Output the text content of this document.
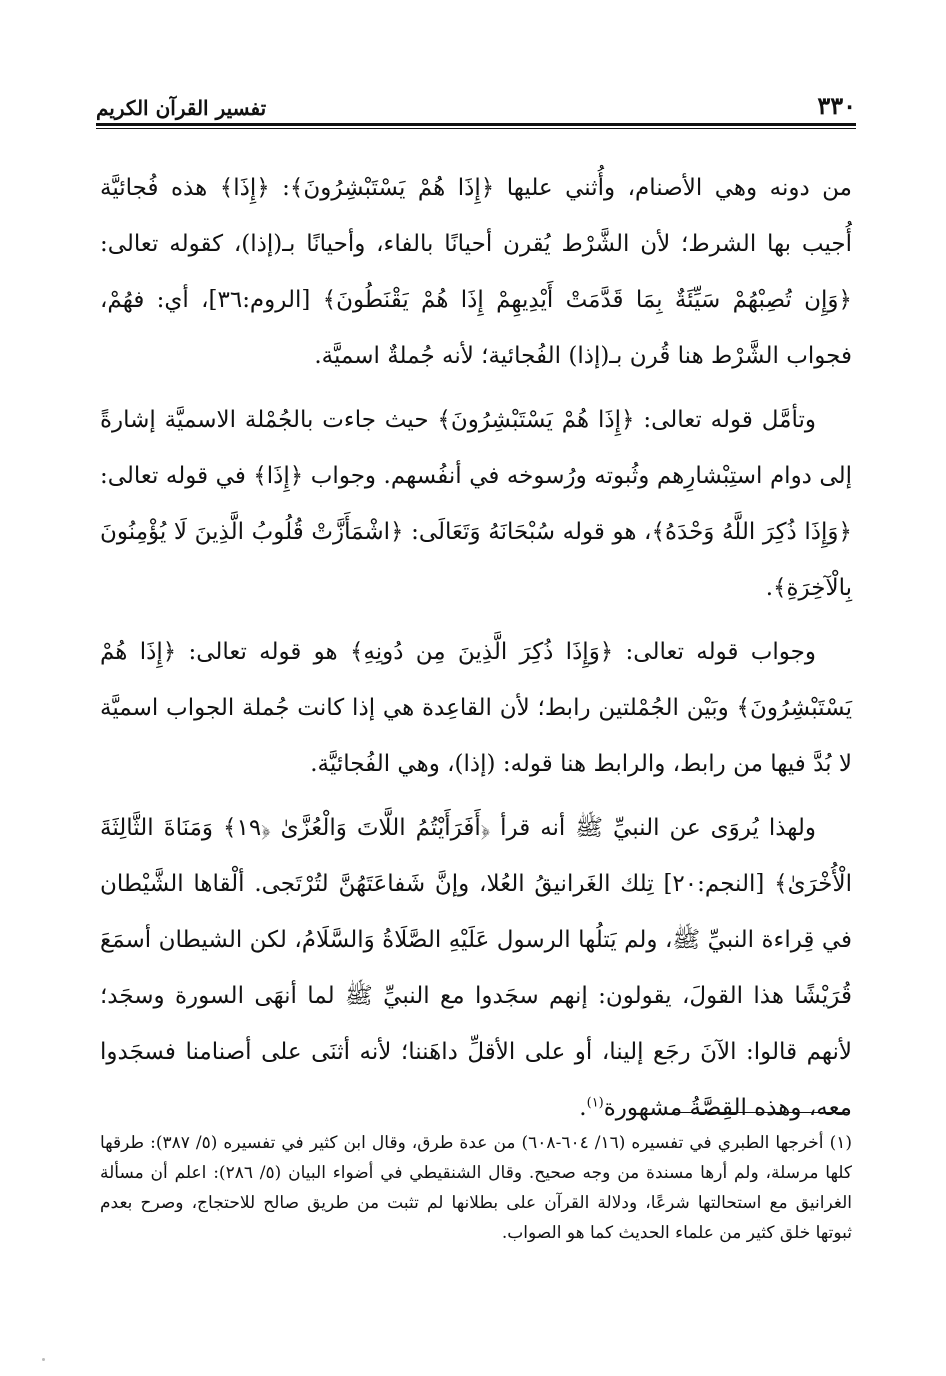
٣٣٠
تفسير القرآن الكريم

من دونه وهي الأصنام، وأُثني عليها ﴿إِذَا هُمْ يَسْتَبْشِرُونَ﴾: ﴿إِذَا﴾ هذه فُجائيَّة أُجيب بها الشرط؛ لأن الشَّرْط يُقرن أحيانًا بالفاء، وأحيانًا بـ(إذا)، كقوله تعالى: ﴿وَإِن تُصِبْهُمْ سَيِّئَةٌ بِمَا قَدَّمَتْ أَيْدِيهِمْ إِذَا هُمْ يَقْنَطُونَ﴾ [الروم:٣٦]، أي: فهُمْ، فجواب الشَّرْط هنا قُرن بـ(إذا) الفُجائية؛ لأنه جُملةٌ اسميَّة.

وتأمَّل قوله تعالى: ﴿إِذَا هُمْ يَسْتَبْشِرُونَ﴾ حيث جاءت بالجُمْلة الاسميَّة إشارةً إلى دوام استِبْشارِهم وثُبوته ورُسوخه في أنفُسهم. وجواب ﴿إِذَا﴾ في قوله تعالى: ﴿وَإِذَا ذُكِرَ اللَّهُ وَحْدَهُ﴾، هو قوله سُبْحَانَهُ وَتَعَالَى: ﴿اشْمَأَزَّتْ قُلُوبُ الَّذِينَ لَا يُؤْمِنُونَ بِالْآخِرَةِ﴾.

وجواب قوله تعالى: ﴿وَإِذَا ذُكِرَ الَّذِينَ مِن دُونِهِ﴾ هو قوله تعالى: ﴿إِذَا هُمْ يَسْتَبْشِرُونَ﴾ وبَيْن الجُمْلتين رابط؛ لأن القاعِدة هي إذا كانت جُملة الجواب اسميَّة لا بُدَّ فيها من رابط، والرابط هنا قوله: (إذا)، وهي الفُجائيَّة.

ولهذا يُروَى عن النبيِّ ﷺ أنه قرأ ﴿أَفَرَأَيْتُمُ اللَّاتَ وَالْعُزَّىٰ ﴿١٩﴾ وَمَنَاةَ الثَّالِثَةَ الْأُخْرَىٰ﴾ [النجم:٢٠] تِلك الغَرانيقُ العُلا، وإنَّ شَفاعَتَهُنَّ لتُرْتَجى. ألْقاها الشَّيْطان في قِراءة النبيِّ ﷺ، ولم يَتلُها الرسول عَلَيْهِ الصَّلَاةُ وَالسَّلَامُ، لكن الشيطان أسمَعَ قُرَيْشًا هذا القولَ، يقولون: إنهم سجَدوا مع النبيِّ ﷺ لما أنهَى السورة وسجَد؛ لأنهم قالوا: الآنَ رجَع إلينا، أو على الأقلِّ داهَننا؛ لأنه أثنَى على أصنامنا فسجَدوا معه، وهذه القِصَّةُ مشهورة$^{(١)}$.

(١) أخرجها الطبري في تفسيره (١٦/ ٦٠٤-٦٠٨) من عدة طرق، وقال ابن كثير في تفسيره (٥/ ٣٨٧): طرقها كلها مرسلة، ولم أرها مسندة من وجه صحيح. وقال الشنقيطي في أضواء البيان (٥/ ٢٨٦): اعلم أن مسألة الغرانيق مع استحالتها شرعًا، ودلالة القرآن على بطلانها لم تثبت من طريق صالح للاحتجاج، وصرح بعدم ثبوتها خلق كثير من علماء الحديث كما هو الصواب.
